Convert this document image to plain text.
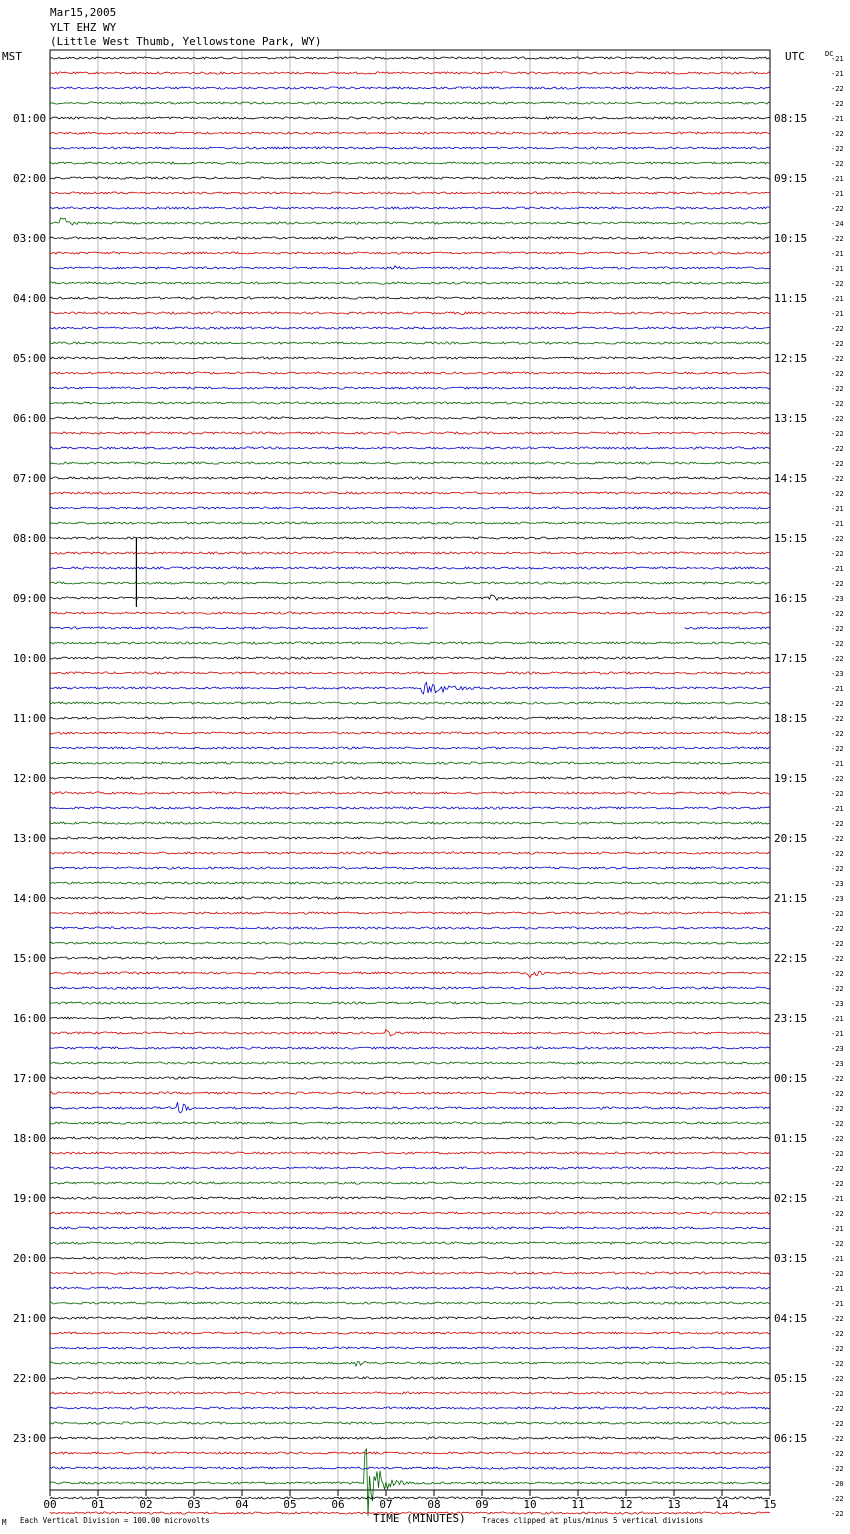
Mar15,2005
YLT EHZ WY
(Little West Thumb, Yellowstone Park, WY)
MST	UTC	DC
01:00
02:00
03:00
04:00
05:00
06:00
07:00
08:00
09:00
10:00
11:00
12:00
13:00
14:00
15:00
16:00
17:00
18:00
19:00
20:00
21:00
22:00
23:00
08:15
09:15
10:15
11:15
12:15
13:15
14:15
15:15
16:15
17:15
18:15
19:15
20:15
21:15
22:15
23:15
00:15
01:15
02:15
03:15
04:15
05:15
06:15
-21
-21
-22
-22
-21
-22
-22
-22
-21
-21
-22
-24
-22
-21
-21
-22
-21
-21
-22
-22
-22
-22
-22
-22
-22
-22
-22
-22
-22
-22
-21
-21
-22
-22
-21
-22
-23
-22
-22
-22
-22
-23
-21
-22
-22
-22
-22
-21
-22
-22
-21
-22
-22
-22
-22
-23
-23
-22
-22
-22
-22
-22
-22
-23
-21
-21
-23
-23
-22
-22
-22
-22
-22
-22
-22
-22
-21
-22
-21
-22
-21
-22
-21
-21
-22
-22
-22
-22
-22
-22
-22
-22
-22
-22
-22
-20
-22
-22
00	01	02	03	04	05	06	07	08	09	10	11	12	13	14	15
TIME (MINUTES)
Each Vertical Division = 100.00 microvolts	Traces clipped at plus/minus 5 vertical divisions
M
